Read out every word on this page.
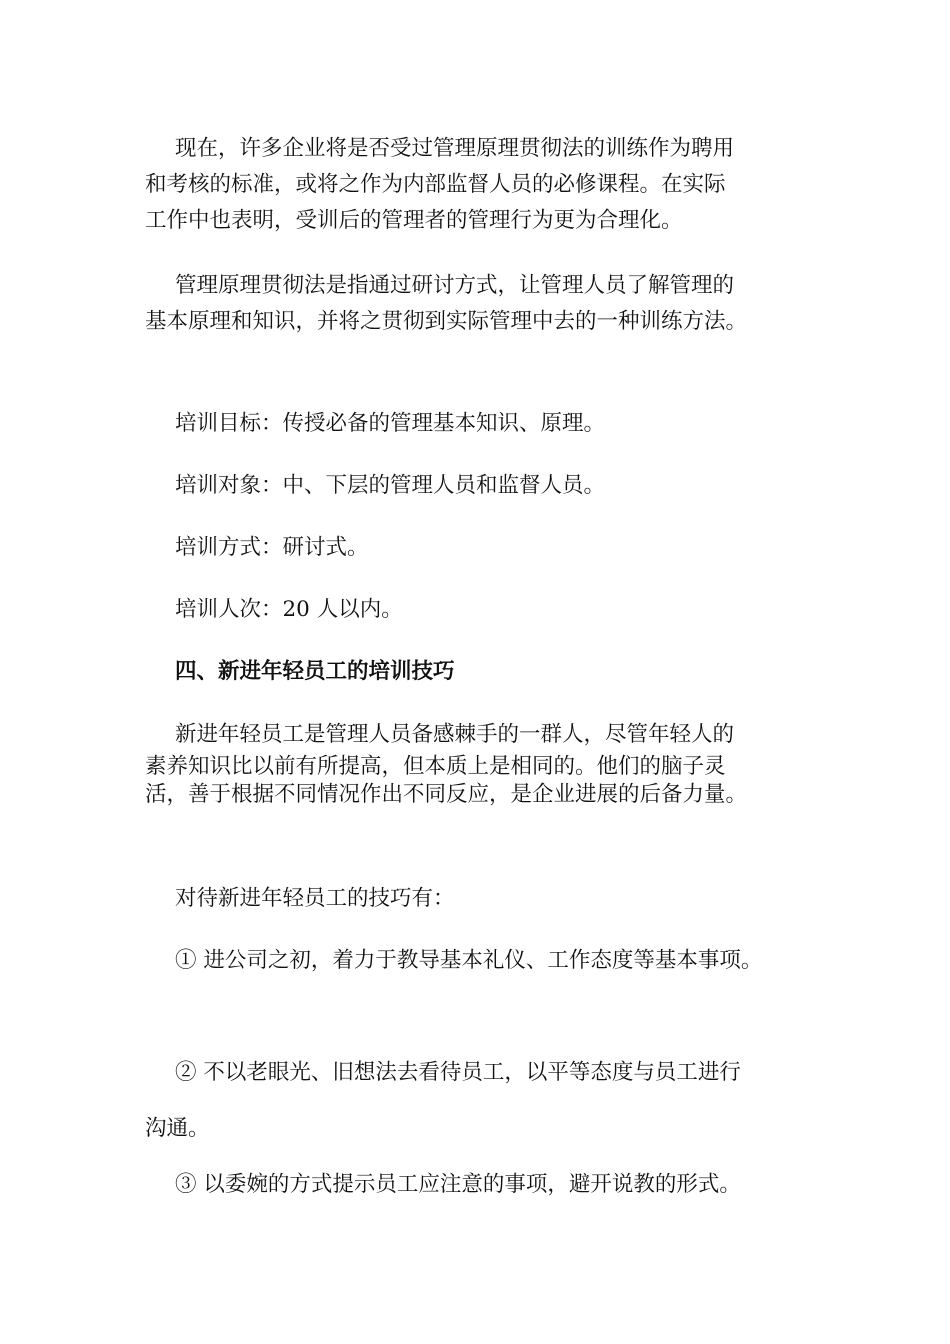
现在，许多企业将是否受过管理原理贯彻法的训练作为聘用
和考核的标准，或将之作为内部监督人员的必修课程。在实际
工作中也表明，受训后的管理者的管理行为更为合理化。
管理原理贯彻法是指通过研讨方式，让管理人员了解管理的
基本原理和知识，并将之贯彻到实际管理中去的一种训练方法。
培训目标：传授必备的管理基本知识、原理。
培训对象：中、下层的管理人员和监督人员。
培训方式：研讨式。
培训人次：20 人以内。
四、新进年轻员工的培训技巧
新进年轻员工是管理人员备感棘手的一群人，尽管年轻人的
素养知识比以前有所提高，但本质上是相同的。他们的脑子灵
活，善于根据不同情况作出不同反应，是企业进展的后备力量。
对待新进年轻员工的技巧有：
① 进公司之初，着力于教导基本礼仪、工作态度等基本事项。
② 不以老眼光、旧想法去看待员工，以平等态度与员工进行
沟通。
③ 以委婉的方式提示员工应注意的事项，避开说教的形式。
